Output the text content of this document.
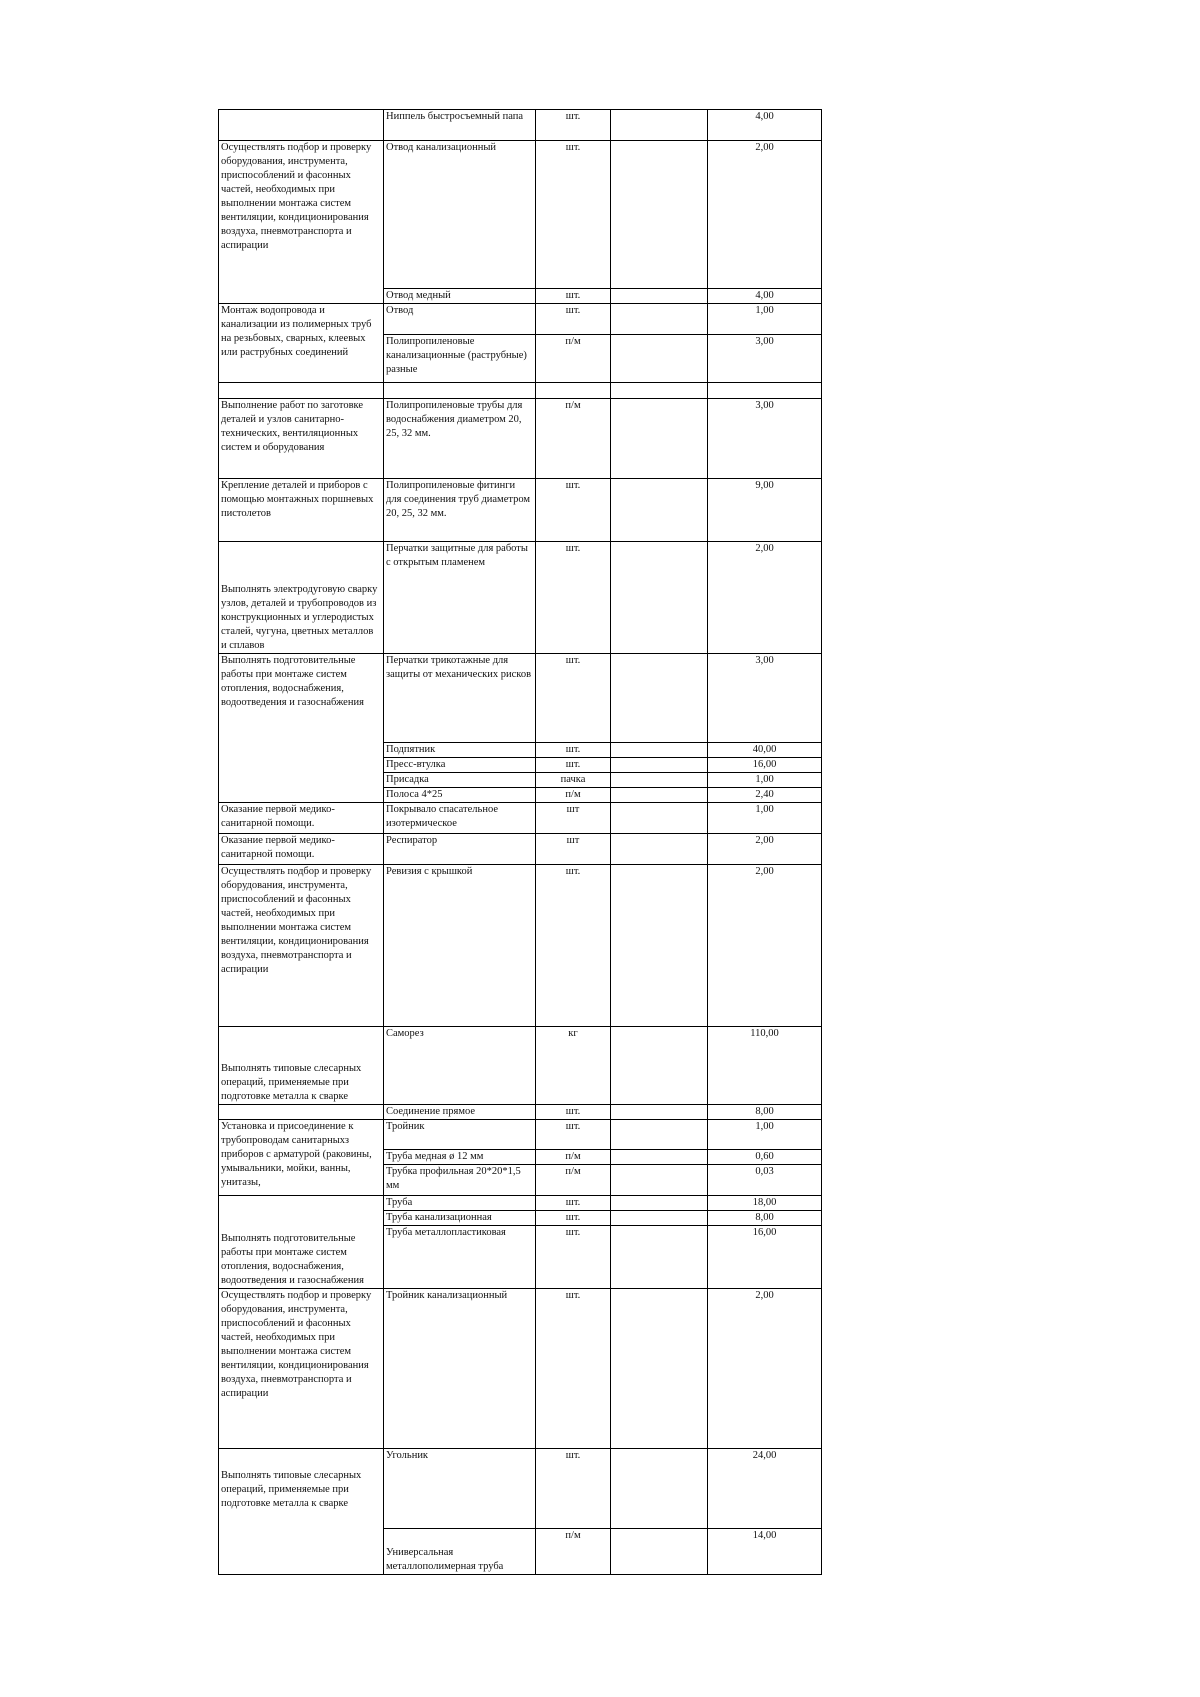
	Ниппель быстросъемный папа	шт.		4,00
Осуществлять подбор и проверку оборудования, инструмента, приспособлений и фасонных частей, необходимых при выполнении монтажа систем вентиляции, кондиционирования воздуха, пневмотранспорта и аспирации	Отвод канализационный	шт.		2,00
	Отвод медный	шт.		4,00
Монтаж водопровода и канализации из полимерных труб на резьбовых, сварных, клеевых или раструбных соединений	Отвод	шт.		1,00
	Полипропиленовые канализационные (раструбные) разные	п/м		3,00

Выполнение работ по заготовке деталей и узлов санитарно-технических, вентиляционных систем и оборудования	Полипропиленовые трубы для водоснабжения диаметром 20, 25, 32 мм.	п/м		3,00
Крепление деталей и приборов с помощью монтажных поршневых пистолетов	Полипропиленовые фитинги для соединения труб диаметром 20, 25, 32 мм.	шт.		9,00
Выполнять электродуговую сварку узлов, деталей и трубопроводов из конструкционных и углеродистых сталей, чугуна, цветных металлов и сплавов	Перчатки защитные для работы с открытым пламенем	шт.		2,00
Выполнять подготовительные работы при монтаже систем отопления, водоснабжения, водоотведения и газоснабжения	Перчатки трикотажные для защиты от механических рисков	шт.		3,00
	Подпятник	шт.		40,00
	Пресс-втулка	шт.		16,00
	Присадка	пачка		1,00
	Полоса 4*25	п/м		2,40
Оказание первой медико-санитарной помощи.	Покрывало спасательное изотермическое	шт		1,00
Оказание первой медико-санитарной помощи.	Респиратор	шт		2,00
Осуществлять подбор и проверку оборудования, инструмента, приспособлений и фасонных частей, необходимых при выполнении монтажа систем вентиляции, кондиционирования воздуха, пневмотранспорта и аспирации	Ревизия с крышкой	шт.		2,00
Выполнять типовые слесарных операций, применяемые при подготовке металла к сварке	Саморез	кг		110,00
	Соединение прямое	шт.		8,00
Установка и присоединение к трубопроводам санитарныхз приборов с арматурой (раковины, умывальники, мойки, ванны, унитазы,	Тройник	шт.		1,00
	Труба медная ø 12 мм	п/м		0,60
	Трубка профильная 20*20*1,5 мм	п/м		0,03
Выполнять подготовительные работы при монтаже систем отопления, водоснабжения, водоотведения и газоснабжения	Труба	шт.		18,00
	Труба канализационная	шт.		8,00
	Труба металлопластиковая	шт.		16,00
Осуществлять подбор и проверку оборудования, инструмента, приспособлений и фасонных частей, необходимых при выполнении монтажа систем вентиляции, кондиционирования воздуха, пневмотранспорта и аспирации	Тройник канализационный	шт.		2,00
Выполнять типовые слесарных операций, применяемые при подготовке металла к сварке	Угольник	шт.		24,00
	Универсальная металлополимерная труба	п/м		14,00
